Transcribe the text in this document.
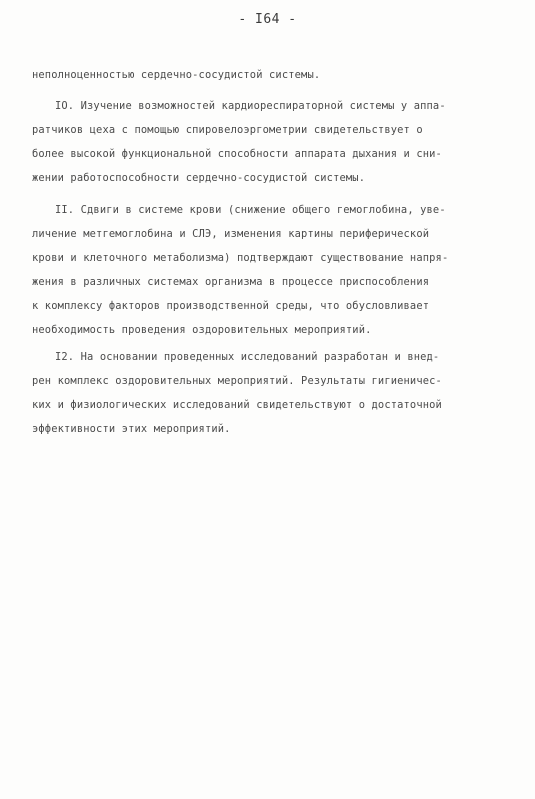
- I64 -
неполноценностью сердечно-сосудистой системы.
IO. Изучение возможностей кардиореспираторной системы у аппа-
ратчиков цеха с помощью спировелоэргометрии свидетельствует о
более высокой функциональной способности аппарата дыхания и сни-
жении работоспособности сердечно-сосудистой системы.
II. Сдвиги в системе крови (снижение общего гемоглобина, уве-
личение метгемоглобина и СЛЭ, изменения картины периферической
крови и клеточного метаболизма) подтверждают существование напря-
жения в различных системах организма в процессе приспособления
к комплексу факторов производственной среды, что обусловливает
необходимость проведения оздоровительных мероприятий.
I2. На основании проведенных исследований разработан и внед-
рен комплекс оздоровительных мероприятий. Результаты гигиеничес-
ких и физиологических исследований свидетельствуют о достаточной
эффективности этих мероприятий.
